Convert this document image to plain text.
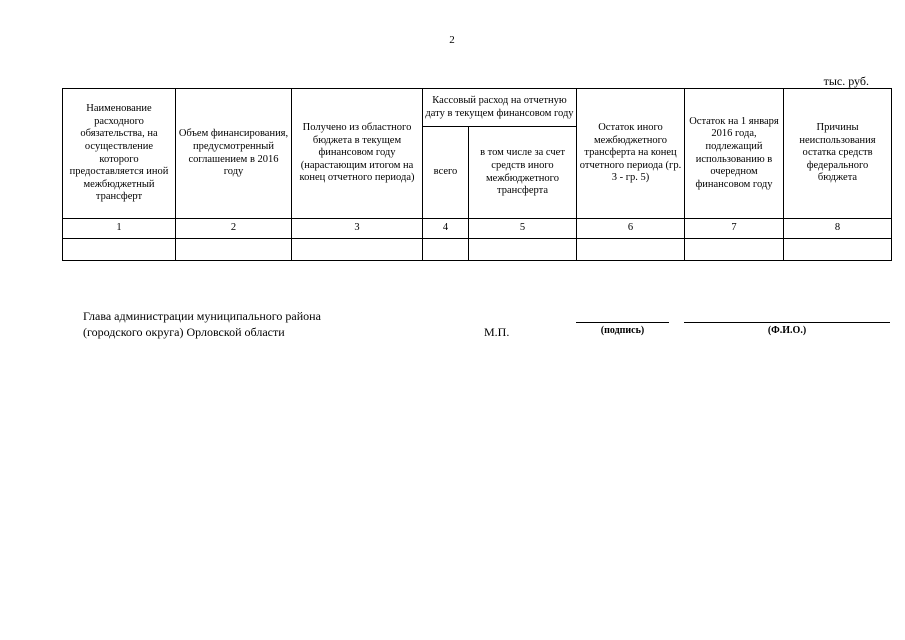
2
тыс. руб.
Наименование расходного обязательства, на осуществление которого предоставляется иной межбюджетный трансферт	Объем финансирования, предусмотренный соглашением в 2016 году	Получено из областного бюджета в текущем финансовом году (нарастающим итогом на конец отчетного периода)	Кассовый расход на отчетную дату в текущем финансовом году		Остаток иного межбюджетного трансферта на конец отчетного периода (гр. 3 - гр. 5)	Остаток на 1 января 2016 года, подлежащий использованию в очередном финансовом году	Причины неиспользования остатка средств федерального бюджета
			всего	в том числе за счет средств иного межбюджетного трансферта			
1	2	3	4	5	6	7	8

Глава администрации муниципального района
(городского округа) Орловской области	М.П.	(подпись)	(Ф.И.О.)
